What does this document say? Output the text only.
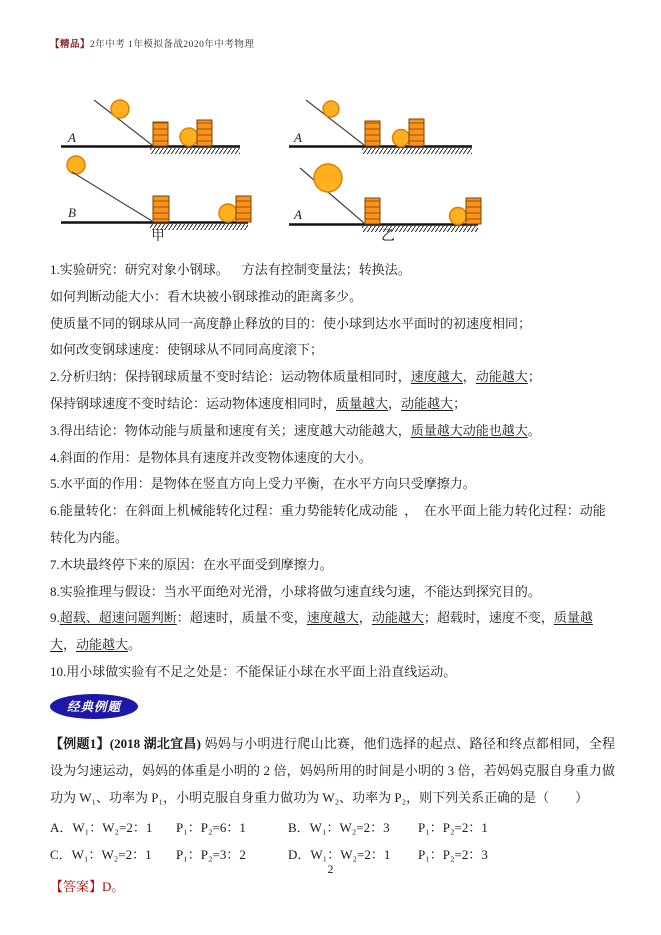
【精品】2年中考 1年模拟备战2020年中考物理
A
B
甲
A
A
乙

1.实验研究：研究对象小钢球。    方法有控制变量法；转换法。

如何判断动能大小：看木块被小钢球推动的距离多少。

使质量不同的钢球从同一高度静止释放的目的：使小球到达水平面时的初速度相同；

如何改变钢球速度：使钢球从不同同高度滚下；

2.分析归纳：保持钢球质量不变时结论：运动物体质量相同时，速度越大，动能越大；

保持钢球速度不变时结论：运动物体速度相同时，质量越大，动能越大；

3.得出结论：物体动能与质量和速度有关；速度越大动能越大，质量越大动能也越大。

4.斜面的作用：是物体具有速度并改变物体速度的大小。

5.水平面的作用：是物体在竖直方向上受力平衡，在水平方向只受摩擦力。

6.能量转化：在斜面上机械能转化过程：重力势能转化成动能  ，  在水平面上能力转化过程：动能转化为内能。

7.木块最终停下来的原因：在水平面受到摩擦力。

8.实验推理与假设：当水平面绝对光滑，小球将做匀速直线匀速，不能达到探究目的。

9.超载、超速问题判断：超速时，质量不变，速度越大，动能越大；超载时，速度不变，质量越大，动能越大。

10.用小球做实验有不足之处是：不能保证小球在水平面上沿直线运动。

经典例题

【例题1】(2018 湖北宜昌) 妈妈与小明进行爬山比赛，他们选择的起点、路径和终点都相同，全程设为匀速运动，妈妈的体重是小明的 2 倍，妈妈所用的时间是小明的 3 倍，若妈妈克服自身重力做功为 W₁、功率为 P₁，小明克服自身重力做功为 W₂、功率为 P₂，则下列关系正确的是（　　）

A．W₁：W₂=2：1	P₁：P₂=6：1	B．W₁：W₂=2：3	P₁：P₂=2：1
C．W₁：W₂=2：1	P₁：P₂=3：2	D．W₁：W₂=2：1	P₁：P₂=2：3

【答案】D。

2
